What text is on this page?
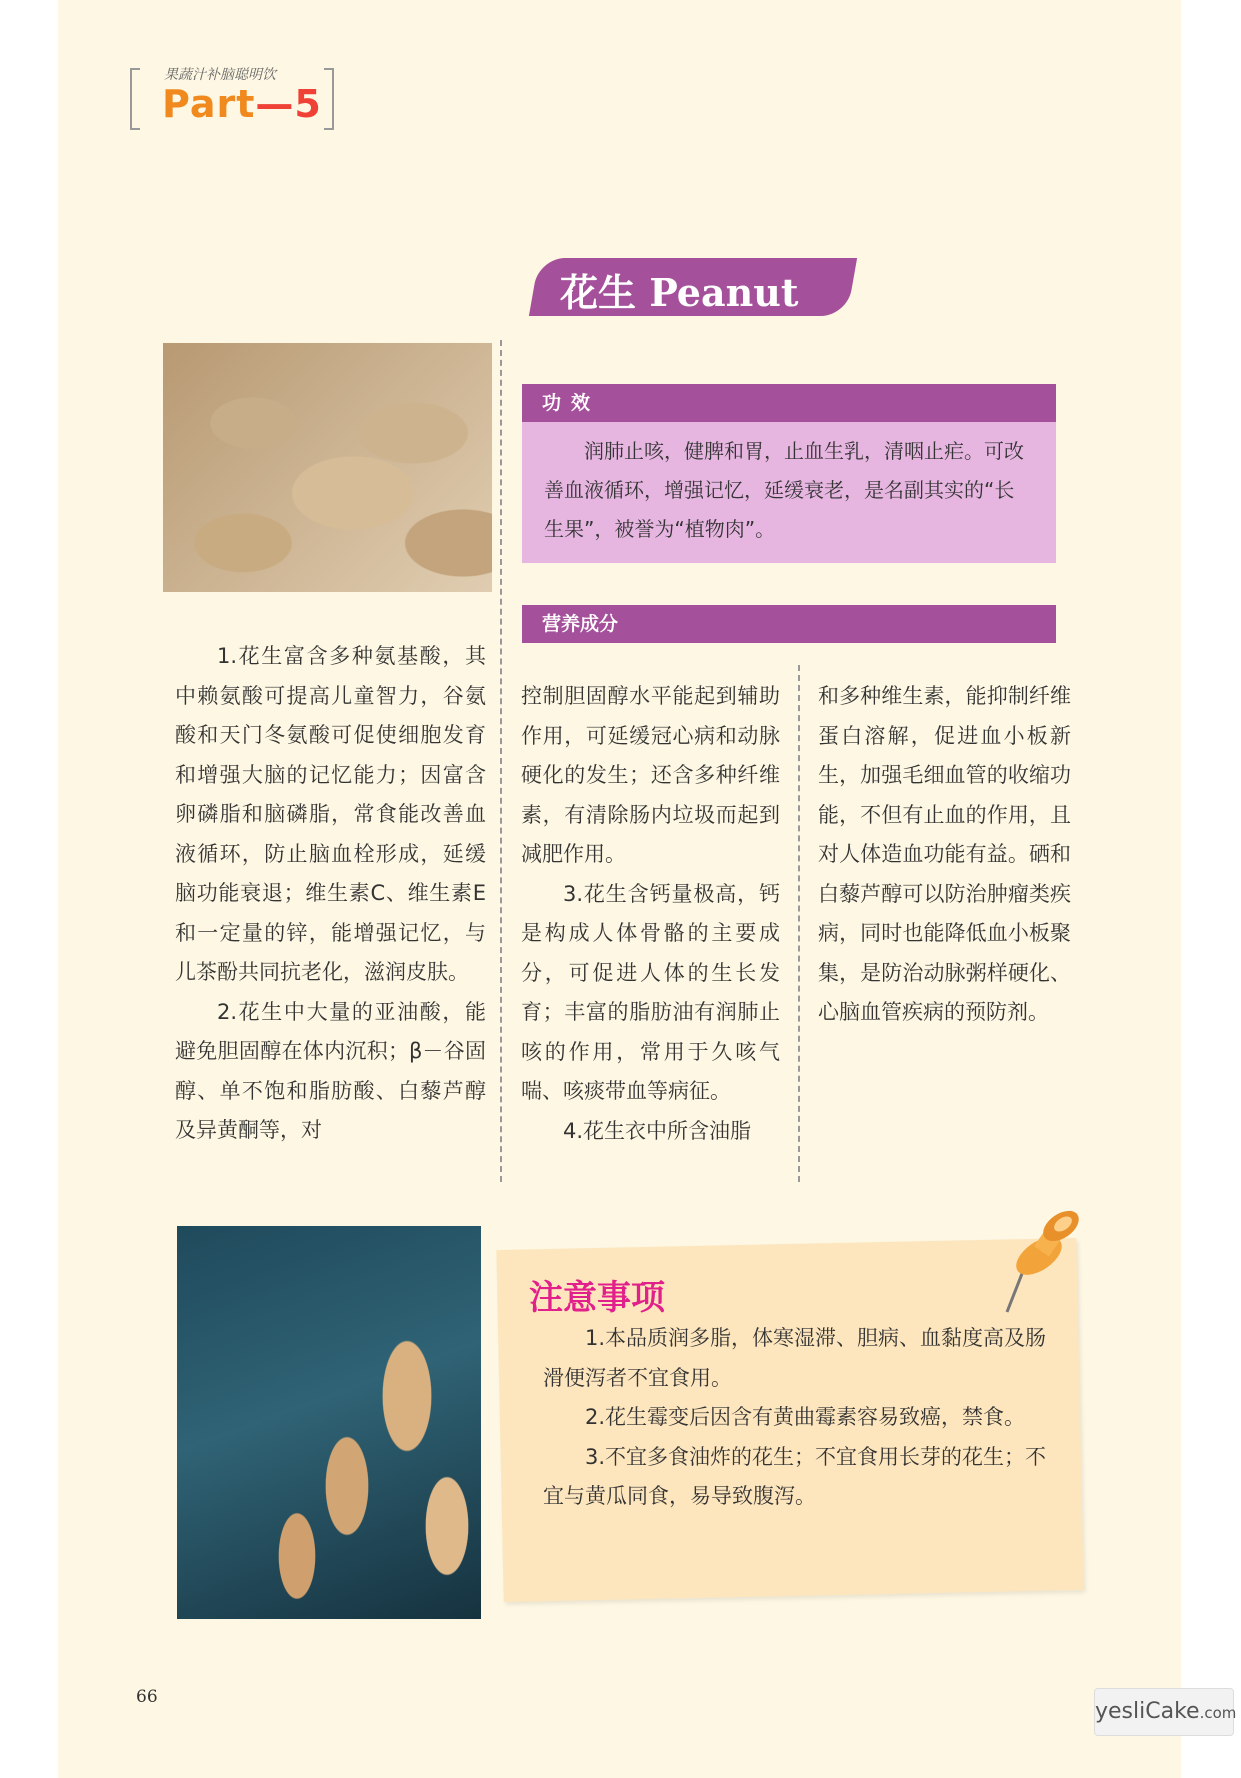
果蔬汁补脑聪明饮
Part—5
花生 Peanut
功效
润肺止咳，健脾和胃，止血生乳，清咽止疟。可改善血液循环，增强记忆，延缓衰老，是名副其实的“长生果”，被誉为“植物肉”。
营养成分

1.花生富含多种氨基酸，其中赖氨酸可提高儿童智力，谷氨酸和天门冬氨酸可促使细胞发育和增强大脑的记忆能力；因富含卵磷脂和脑磷脂，常食能改善血液循环，防止脑血栓形成，延缓脑功能衰退；维生素C、维生素E和一定量的锌，能增强记忆，与儿茶酚共同抗老化，滋润皮肤。

2.花生中大量的亚油酸，能避免胆固醇在体内沉积；β－谷固醇、单不饱和脂肪酸、白藜芦醇及异黄酮等，对

控制胆固醇水平能起到辅助作用，可延缓冠心病和动脉硬化的发生；还含多种纤维素，有清除肠内垃圾而起到减肥作用。

3.花生含钙量极高，钙是构成人体骨骼的主要成分，可促进人体的生长发育；丰富的脂肪油有润肺止咳的作用，常用于久咳气喘、咳痰带血等病征。

4.花生衣中所含油脂

和多种维生素，能抑制纤维蛋白溶解，促进血小板新生，加强毛细血管的收缩功能，不但有止血的作用，且对人体造血功能有益。硒和白藜芦醇可以防治肿瘤类疾病，同时也能降低血小板聚集，是防治动脉粥样硬化、心脑血管疾病的预防剂。

注意事项

1.本品质润多脂，体寒湿滞、胆病、血黏度高及肠滑便泻者不宜食用。

2.花生霉变后因含有黄曲霉素容易致癌，禁食。

3.不宜多食油炸的花生；不宜食用长芽的花生；不宜与黄瓜同食，易导致腹泻。

66
yesliCake.com
